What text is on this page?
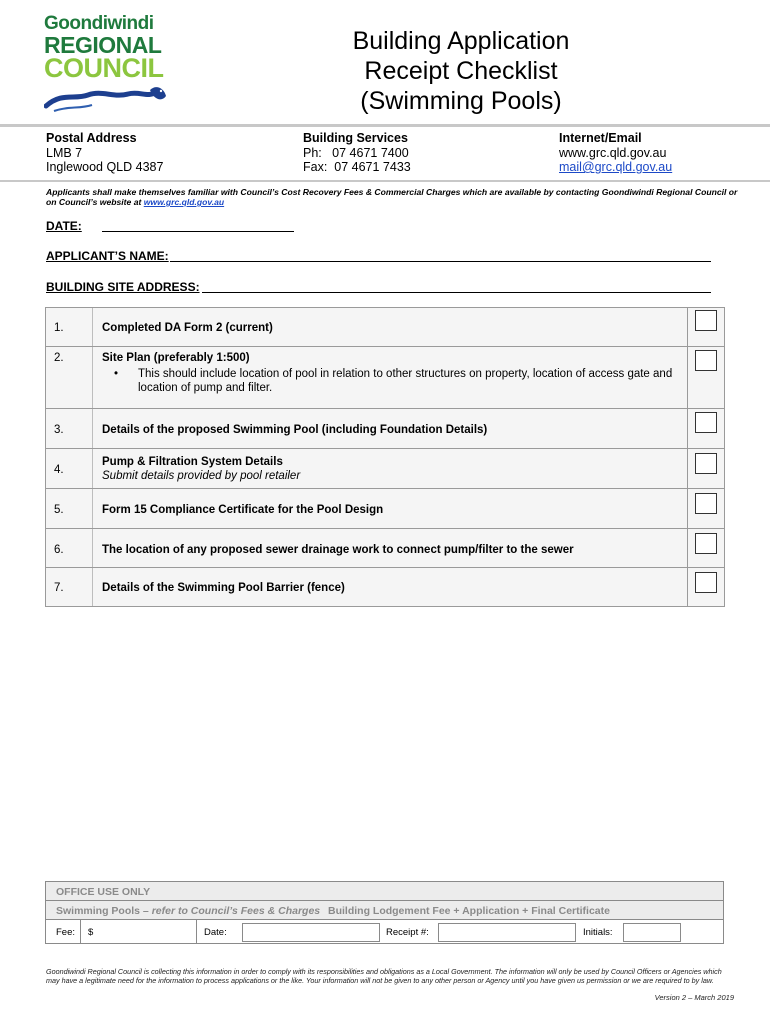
Goondiwindi
REGIONAL
COUNCIL
Building Application
Receipt Checklist
(Swimming Pools)
Postal Address
LMB 7
Inglewood QLD 4387
Building Services
Ph:   07 4671 7400
Fax:  07 4671 7433
Internet/Email
www.grc.qld.gov.au
mail@grc.qld.gov.au
Applicants shall make themselves familiar with Council’s Cost Recovery Fees & Commercial Charges which are available by contacting Goondiwindi Regional Council or on Council’s website at www.grc.qld.gov.au
DATE:
APPLICANT’S NAME:
BUILDING SITE ADDRESS:
1.	Completed DA Form 2 (current)
2.	Site Plan (preferably 1:500)
• This should include location of pool in relation to other structures on property, location of access gate and location of pump and filter.
3.	Details of the proposed Swimming Pool (including Foundation Details)
4.
Pump & Filtration System Details
Submit details provided by pool retailer
5.	Form 15 Compliance Certificate for the Pool Design
6.	The location of any proposed sewer drainage work to connect pump/filter to the sewer
7.	Details of the Swimming Pool Barrier (fence)
OFFICE USE ONLY
Swimming Pools – refer to Council’s Fees & Charges Building Lodgement Fee + Application + Final Certificate
Fee: $	Date:	Receipt #:	Initials:
Goondiwindi Regional Council is collecting this information in order to comply with its responsibilities and obligations as a Local Government. The information will only be used by Council Officers or Agencies which may have a legitimate need for the information to process applications or the like. Your information will not be given to any other person or Agency until you have given us permission or we are required to by law.
Version 2 – March 2019
